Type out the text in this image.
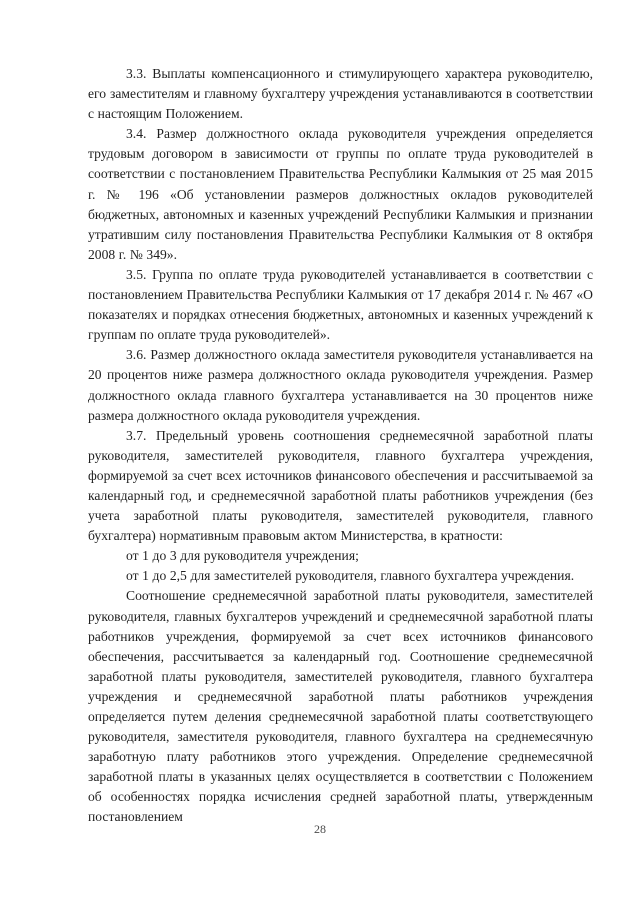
3.3. Выплаты компенсационного и стимулирующего характера руководителю, его заместителям и главному бухгалтеру учреждения устанавливаются в соответствии с настоящим Положением.

3.4. Размер должностного оклада руководителя учреждения определяется трудовым договором в зависимости от группы по оплате труда руководителей в соответствии с постановлением Правительства Республики Калмыкия от 25 мая 2015 г. № 196 «Об установлении размеров должностных окладов руководителей бюджетных, автономных и казенных учреждений Республики Калмыкия и признании утратившим силу постановления Правительства Республики Калмыкия от 8 октября 2008 г. № 349».

3.5. Группа по оплате труда руководителей устанавливается в соответствии с постановлением Правительства Республики Калмыкия от 17 декабря 2014 г. № 467 «О показателях и порядках отнесения бюджетных, автономных и казенных учреждений к группам по оплате труда руководителей».

3.6. Размер должностного оклада заместителя руководителя устанавливается на 20 процентов ниже размера должностного оклада руководителя учреждения. Размер должностного оклада главного бухгалтера устанавливается на 30 процентов ниже размера должностного оклада руководителя учреждения.

3.7. Предельный уровень соотношения среднемесячной заработной платы руководителя, заместителей руководителя, главного бухгалтера учреждения, формируемой за счет всех источников финансового обеспечения и рассчитываемой за календарный год, и среднемесячной заработной платы работников учреждения (без учета заработной платы руководителя, заместителей руководителя, главного бухгалтера) нормативным правовым актом Министерства, в кратности:

от 1 до 3 для руководителя учреждения;

от 1 до 2,5 для заместителей руководителя, главного бухгалтера учреждения.

Соотношение среднемесячной заработной платы руководителя, заместителей руководителя, главных бухгалтеров учреждений и среднемесячной заработной платы работников учреждения, формируемой за счет всех источников финансового обеспечения, рассчитывается за календарный год. Соотношение среднемесячной заработной платы руководителя, заместителей руководителя, главного бухгалтера учреждения и среднемесячной заработной платы работников учреждения определяется путем деления среднемесячной заработной платы соответствующего руководителя, заместителя руководителя, главного бухгалтера на среднемесячную заработную плату работников этого учреждения. Определение среднемесячной заработной платы в указанных целях осуществляется в соответствии с Положением об особенностях порядка исчисления средней заработной платы, утвержденным постановлением

28
